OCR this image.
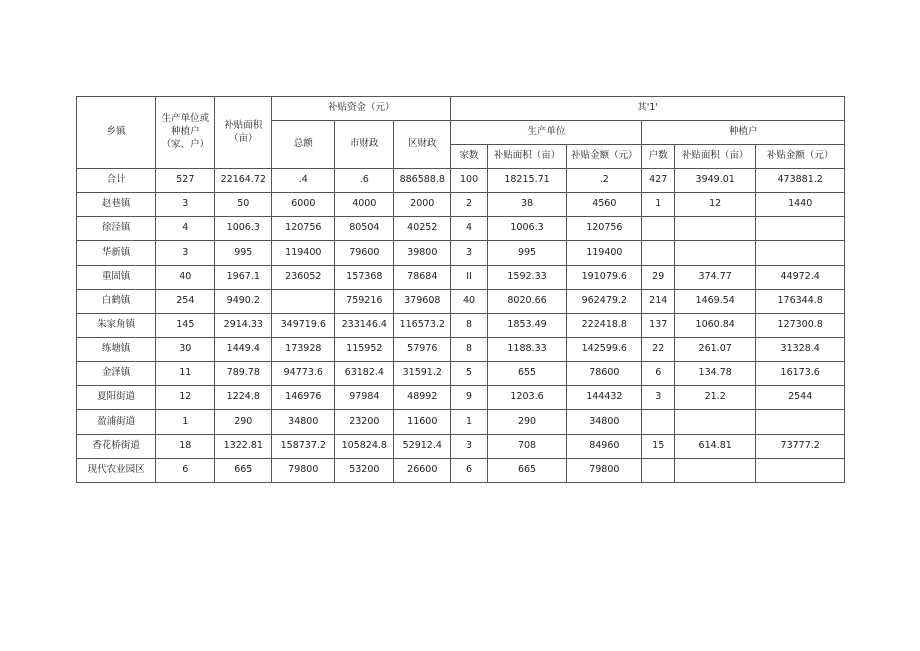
乡镇	生产单位或种植户（家、户）	补贴面积（亩）	补贴资金（元）			其'1'					
			总额	市财政	区财政	生产单位			种植户		
						家数	补贴面积（亩）	补贴金额（元）	户数	补贴面积（亩）	补贴金额（元）
合计	527	22164.72	.4	.6	886588.8	100	18215.71	.2	427	3949.01	473881.2
赵巷镇	3	50	6000	4000	2000	2	38	4560	1	12	1440
徐泾镇	4	1006.3	120756	80504	40252	4	1006.3	120756			
华新镇	3	995	119400	79600	39800	3	995	119400			
重固镇	40	1967.1	236052	157368	78684	II	1592.33	191079.6	29	374.77	44972.4
白鹤镇	254	9490.2		759216	379608	40	8020.66	962479.2	214	1469.54	176344.8
朱家角镇	145	2914.33	349719.6	233146.4	116573.2	8	1853.49	222418.8	137	1060.84	127300.8
练塘镇	30	1449.4	173928	115952	57976	8	1188.33	142599.6	22	261.07	31328.4
金泽镇	11	789.78	94773.6	63182.4	31591.2	5	655	78600	6	134.78	16173.6
夏阳街道	12	1224.8	146976	97984	48992	9	1203.6	144432	3	21.2	2544
盈浦街道	1	290	34800	23200	11600	1	290	34800			
香花桥街道	18	1322.81	158737.2	105824.8	52912.4	3	708	84960	15	614.81	73777.2
现代农业园区	6	665	79800	53200	26600	6	665	79800			
